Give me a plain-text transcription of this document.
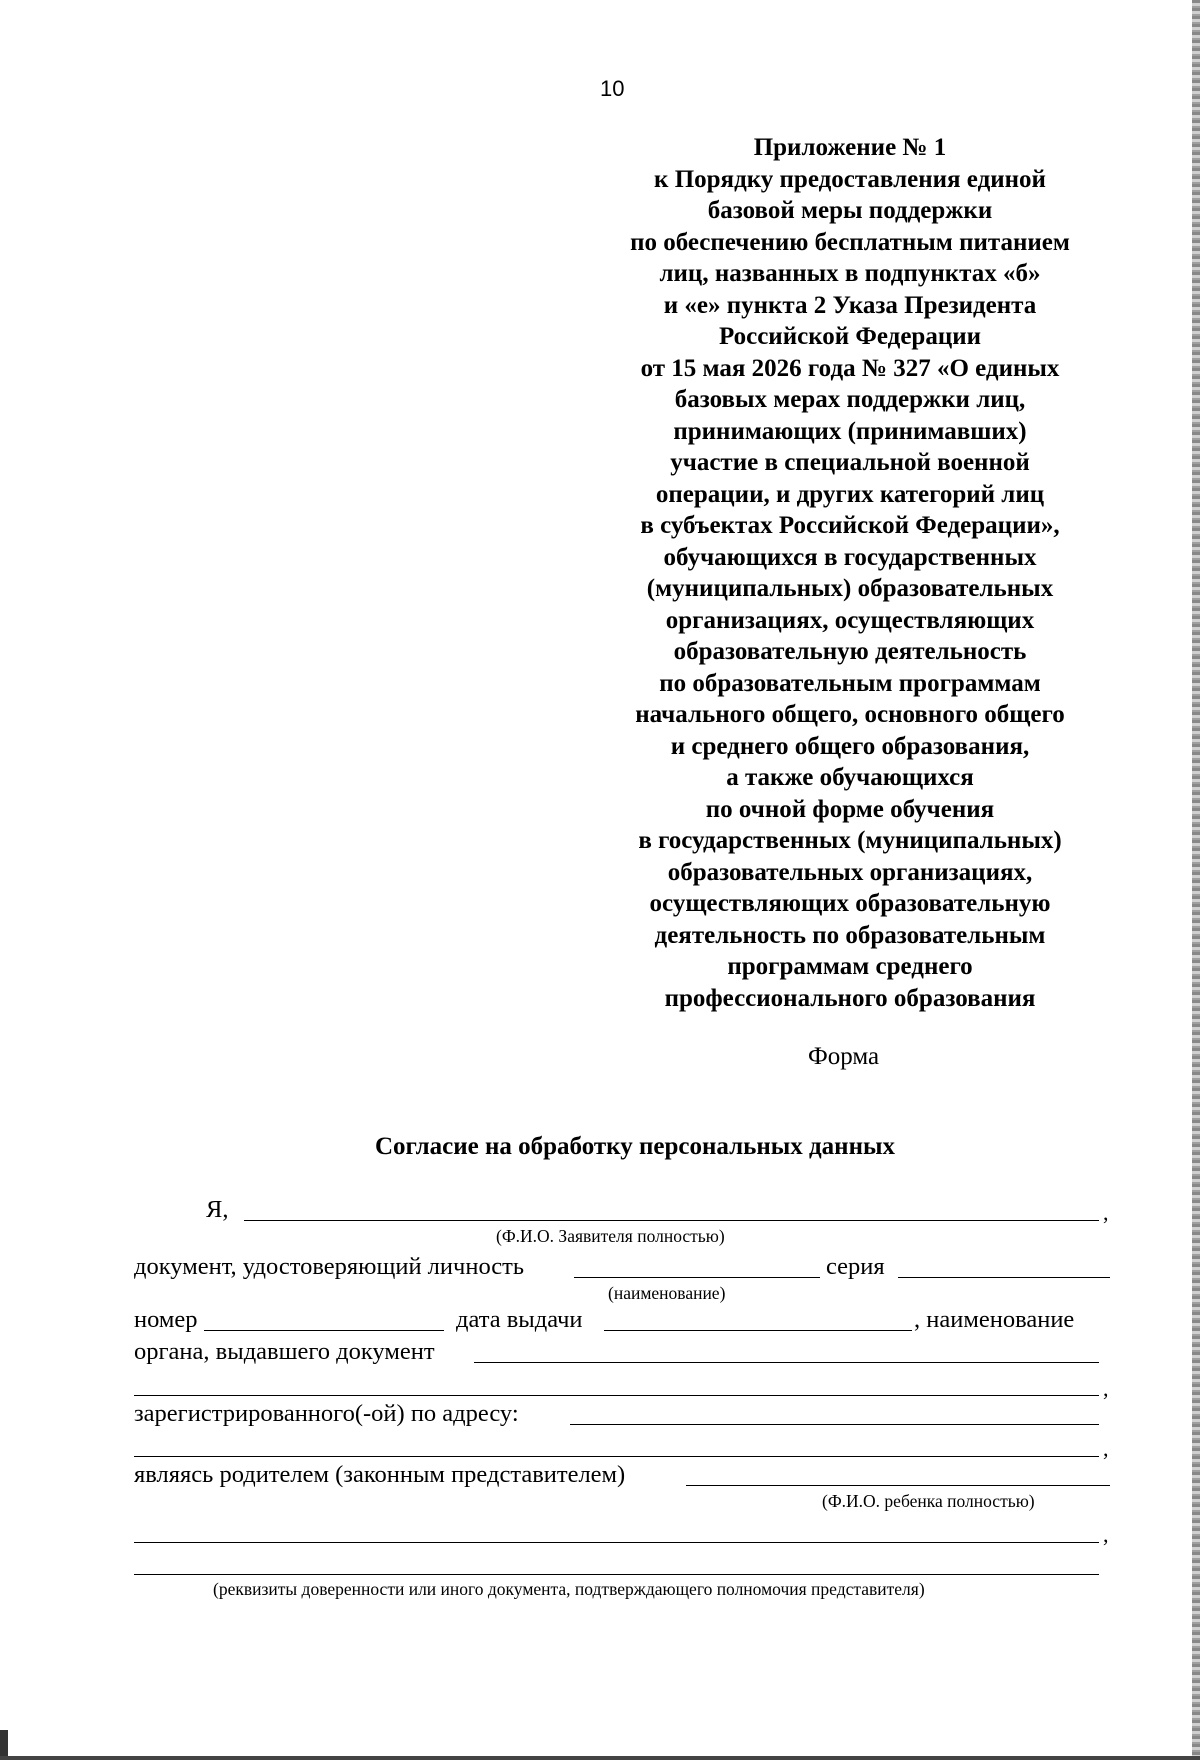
10
Приложение № 1
к Порядку предоставления единой
базовой меры поддержки
по обеспечению бесплатным питанием
лиц, названных в подпунктах «б»
и «е» пункта 2 Указа Президента
Российской Федерации
от 15 мая 2026 года № 327 «О единых
базовых мерах поддержки лиц,
принимающих (принимавших)
участие в специальной военной
операции, и других категорий лиц
в субъектах Российской Федерации»,
обучающихся в государственных
(муниципальных) образовательных
организациях, осуществляющих
образовательную деятельность
по образовательным программам
начального общего, основного общего
и среднего общего образования,
а также обучающихся
по очной форме обучения
в государственных (муниципальных)
образовательных организациях,
осуществляющих образовательную
деятельность по образовательным
программам среднего
профессионального образования
Форма
Согласие на обработку персональных данных
Я,	,
(Ф.И.О. Заявителя полностью)
документ, удостоверяющий личность	серия
(наименование)
номер	дата выдачи	, наименование
органа, выдавшего документ
,
зарегистрированного(-ой) по адресу:
,
являясь родителем (законным представителем)
(Ф.И.О. ребенка полностью)
,
(реквизиты доверенности или иного документа, подтверждающего полномочия представителя)
